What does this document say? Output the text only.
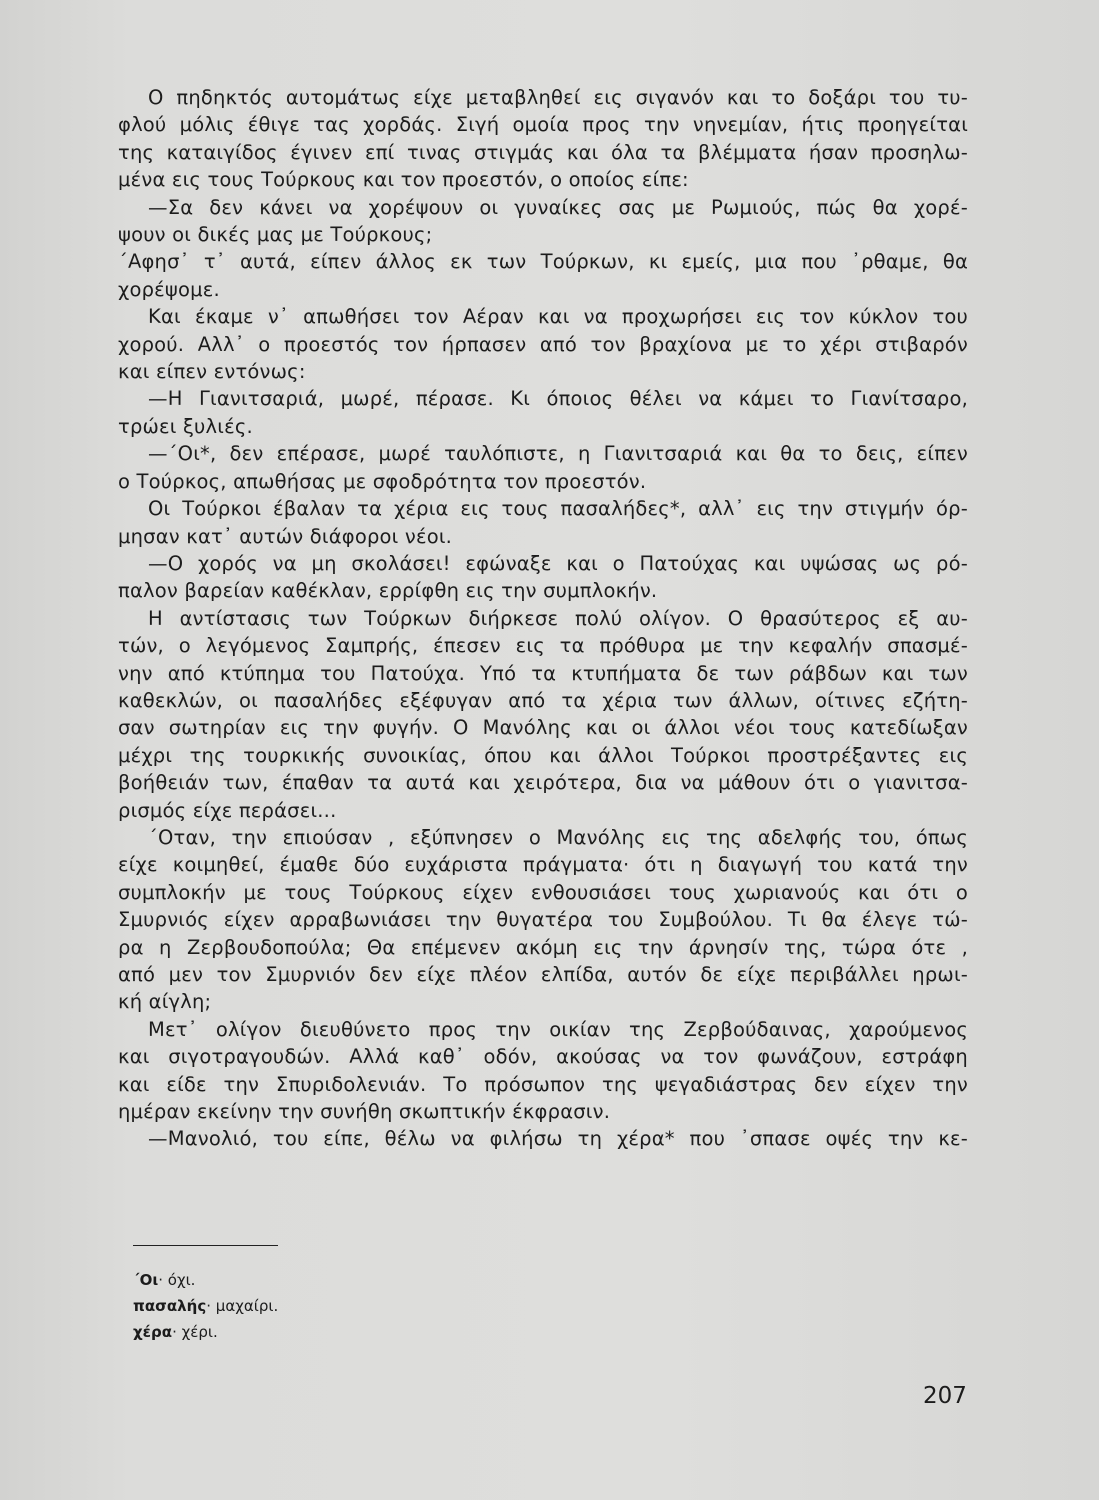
Ο πηδηκτός αυτομάτως είχε μεταβληθεί εις σιγανόν και το δοξάρι του τυ-
φλού μόλις έθιγε τας χορδάς. Σιγή ομοία προς την νηνεμίαν, ήτις προηγείται
της καταιγίδος έγινεν επί τινας στιγμάς και όλα τα βλέμματα ήσαν προσηλω-
μένα εις τους Τούρκους και τον προεστόν, ο οποίος είπε:
—Σα δεν κάνει να χορέψουν οι γυναίκες σας με Ρωμιούς, πώς θα χορέ-
ψουν οι δικές μας με Τούρκους;
΄Αφησ᾿ τ᾿ αυτά, είπεν άλλος εκ των Τούρκων, κι εμείς, μια που ᾿ρθαμε, θα
χορέψομε.
Και έκαμε ν᾿ απωθήσει τον Αέραν και να προχωρήσει εις τον κύκλον του
χορού. Αλλ᾿ ο προεστός τον ήρπασεν από τον βραχίονα με το χέρι στιβαρόν
και είπεν εντόνως:
—Η Γιανιτσαριά, μωρέ, πέρασε. Κι όποιος θέλει να κάμει το Γιανίτσαρο,
τρώει ξυλιές.
—΄Οι*, δεν επέρασε, μωρέ ταυλόπιστε, η Γιανιτσαριά και θα το δεις, είπεν
ο Τούρκος, απωθήσας με σφοδρότητα τον προεστόν.
Οι Τούρκοι έβαλαν τα χέρια εις τους πασαλήδες*, αλλ᾿ εις την στιγμήν όρ-
μησαν κατ᾿ αυτών διάφοροι νέοι.
—Ο χορός να μη σκολάσει! εφώναξε και ο Πατούχας και υψώσας ως ρό-
παλον βαρείαν καθέκλαν, ερρίφθη εις την συμπλοκήν.
Η αντίστασις των Τούρκων διήρκεσε πολύ ολίγον. Ο θρασύτερος εξ αυ-
τών, ο λεγόμενος Σαμπρής, έπεσεν εις τα πρόθυρα με την κεφαλήν σπασμέ-
νην από κτύπημα του Πατούχα. Υπό τα κτυπήματα δε των ράβδων και των
καθεκλών, οι πασαλήδες εξέφυγαν από τα χέρια των άλλων, οίτινες εζήτη-
σαν σωτηρίαν εις την φυγήν. Ο Μανόλης και οι άλλοι νέοι τους κατεδίωξαν
μέχρι της τουρκικής συνοικίας, όπου και άλλοι Τούρκοι προστρέξαντες εις
βοήθειάν των, έπαθαν τα αυτά και χειρότερα, δια να μάθουν ότι ο γιανιτσα-
ρισμός είχε περάσει...
΄Οταν, την επιούσαν , εξύπνησεν ο Μανόλης εις της αδελφής του, όπως
είχε κοιμηθεί, έμαθε δύο ευχάριστα πράγματα· ότι η διαγωγή του κατά την
συμπλοκήν με τους Τούρκους είχεν ενθουσιάσει τους χωριανούς και ότι ο
Σμυρνιός είχεν αρραβωνιάσει την θυγατέρα του Συμβούλου. Τι θα έλεγε τώ-
ρα η Ζερβουδοπούλα; Θα επέμενεν ακόμη εις την άρνησίν της, τώρα ότε ,
από μεν τον Σμυρνιόν δεν είχε πλέον ελπίδα, αυτόν δε είχε περιβάλλει ηρωι-
κή αίγλη;
Μετ᾿ ολίγον διευθύνετο προς την οικίαν της Ζερβούδαινας, χαρούμενος
και σιγοτραγουδών. Αλλά καθ᾿ οδόν, ακούσας να τον φωνάζουν, εστράφη
και είδε την Σπυριδολενιάν. Το πρόσωπον της ψεγαδιάστρας δεν είχεν την
ημέραν εκείνην την συνήθη σκωπτικήν έκφρασιν.
—Μανολιό, του είπε, θέλω να φιλήσω τη χέρα* που ᾿σπασε οψές την κε-
΄Οι· όχι.
πασαλής· μαχαίρι.
χέρα· χέρι.
207
